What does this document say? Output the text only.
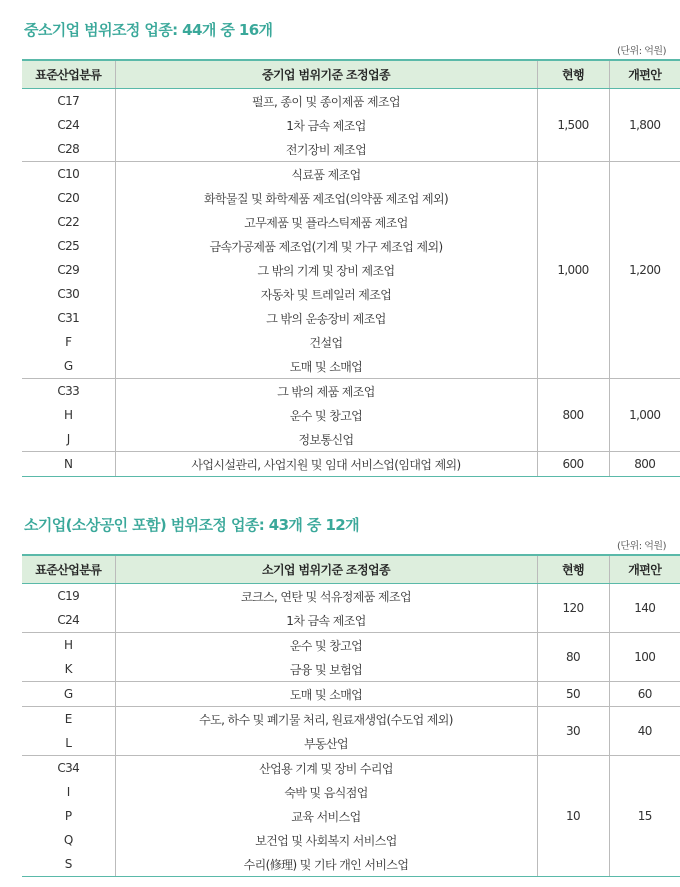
중소기업 범위조정 업종: 44개 중 16개
(단위: 억원)
표준산업분류	중기업 범위기준 조정업종	현행	개편안
C17	펄프, 종이 및 종이제품 제조업	1,500	1,800
C24	1차 금속 제조업		
C28	전기장비 제조업		
C10	식료품 제조업	1,000	1,200
C20	화학물질 및 화학제품 제조업(의약품 제조업 제외)		
C22	고무제품 및 플라스틱제품 제조업		
C25	금속가공제품 제조업(기계 및 가구 제조업 제외)		
C29	그 밖의 기계 및 장비 제조업		
C30	자동차 및 트레일러 제조업		
C31	그 밖의 운송장비 제조업		
F	건설업		
G	도매 및 소매업		
C33	그 밖의 제품 제조업	800	1,000
H	운수 및 창고업		
J	정보통신업		
N	사업시설관리, 사업지원 및 임대 서비스업(임대업 제외)	600	800
소기업(소상공인 포함) 범위조정 업종: 43개 중 12개
(단위: 억원)
표준산업분류	소기업 범위기준 조정업종	현행	개편안
C19	코크스, 연탄 및 석유정제품 제조업	120	140
C24	1차 금속 제조업		
H	운수 및 창고업	80	100
K	금융 및 보험업		
G	도매 및 소매업	50	60
E	수도, 하수 및 폐기물 처리, 원료재생업(수도업 제외)	30	40
L	부동산업		
C34	산업용 기계 및 장비 수리업	10	15
I	숙박 및 음식점업		
P	교육 서비스업		
Q	보건업 및 사회복지 서비스업		
S	수리(修理) 및 기타 개인 서비스업		
